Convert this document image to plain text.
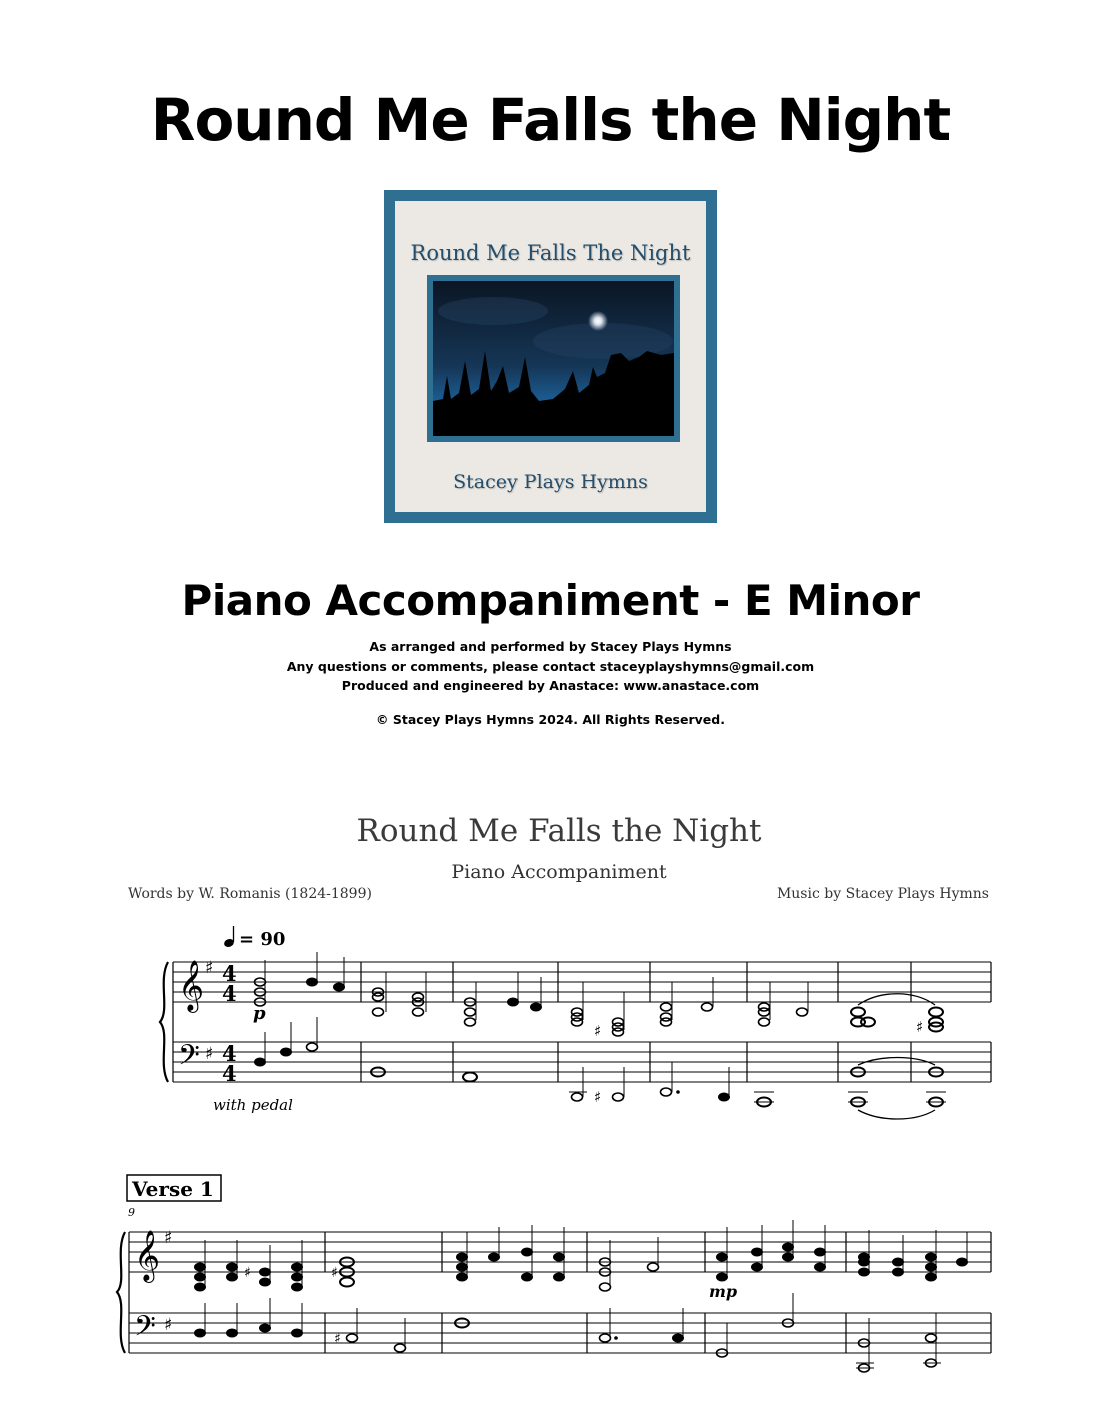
Round Me Falls the Night
Round Me Falls The Night
Stacey Plays Hymns
Piano Accompaniment - E Minor
As arranged and performed by Stacey Plays Hymns
Any questions or comments, please contact staceyplayshymns@gmail.com
Produced and engineered by Anastace: www.anastace.com
© Stacey Plays Hymns 2024. All Rights Reserved.
Round Me Falls the Night
Piano Accompaniment
Words by W. Romanis (1824-1899)	Music by Stacey Plays Hymns
= 90
𝄞
𝄢
♯
♯
4
4
4
4
♯	♯
♯
p
with pedal
Verse 1
9
𝄞
𝄢
♯
♯
♯	♯
mp
♯
